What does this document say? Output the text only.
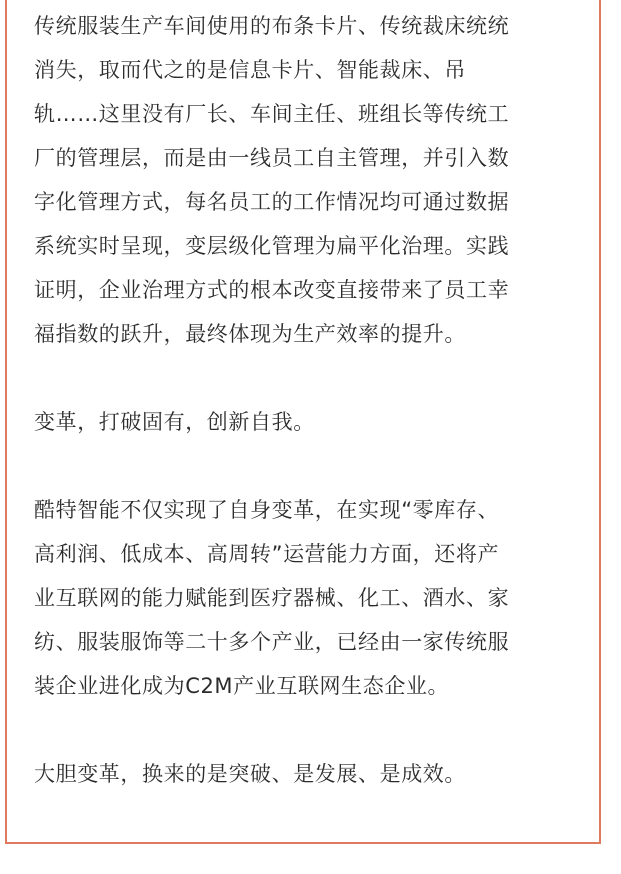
传统服装生产车间使用的布条卡片、传统裁床统统
消失，取而代之的是信息卡片、智能裁床、吊
轨……这里没有厂长、车间主任、班组长等传统工
厂的管理层，而是由一线员工自主管理，并引入数
字化管理方式，每名员工的工作情况均可通过数据
系统实时呈现，变层级化管理为扁平化治理。实践
证明，企业治理方式的根本改变直接带来了员工幸
福指数的跃升，最终体现为生产效率的提升。
变革，打破固有，创新自我。
酷特智能不仅实现了自身变革，在实现“零库存、
高利润、低成本、高周转”运营能力方面，还将产
业互联网的能力赋能到医疗器械、化工、酒水、家
纺、服装服饰等二十多个产业，已经由一家传统服
装企业进化成为C2M产业互联网生态企业。
大胆变革，换来的是突破、是发展、是成效。
